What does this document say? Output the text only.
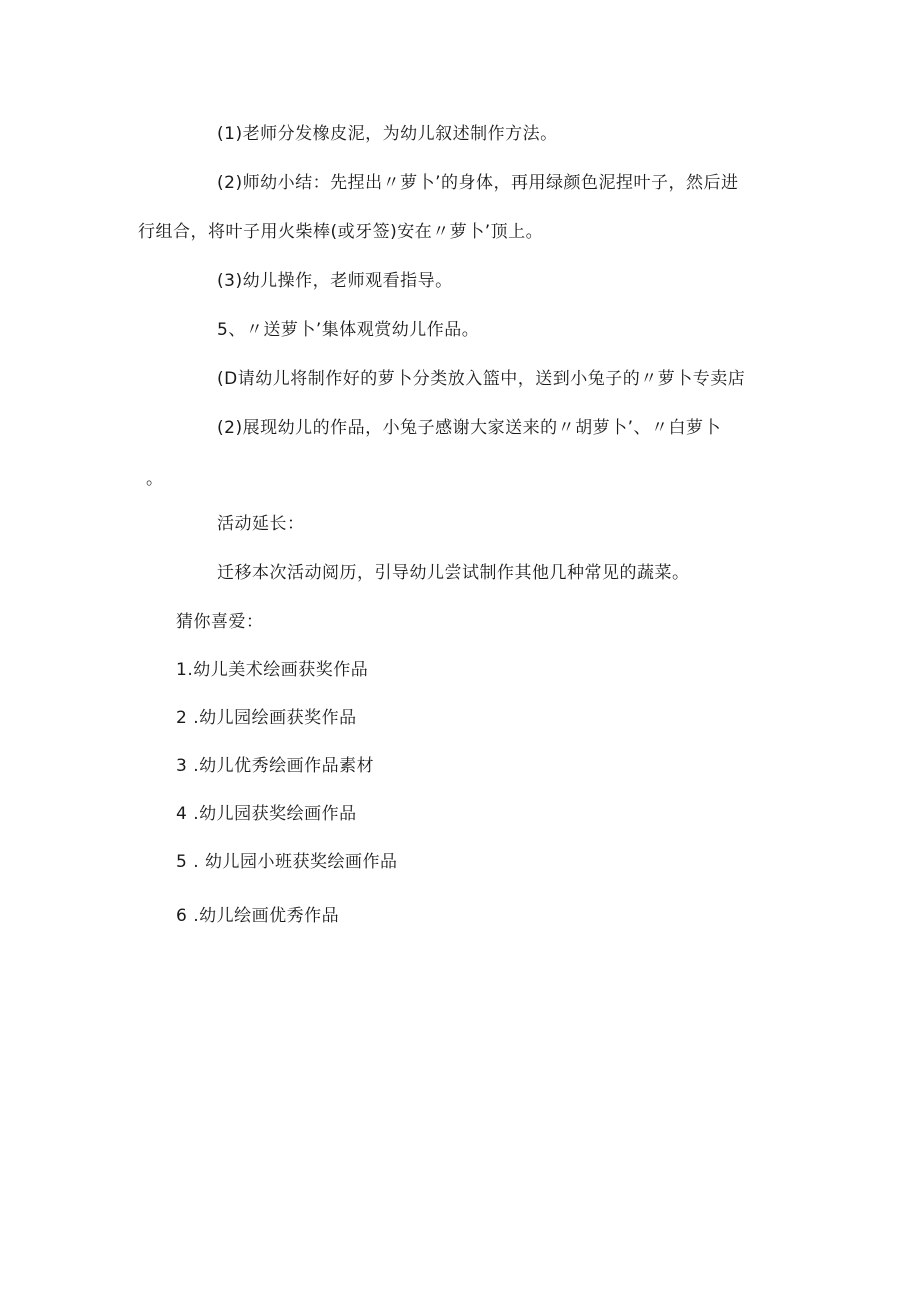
(1)老师分发橡皮泥，为幼儿叙述制作方法。
(2)师幼小结：先捏出〃萝卜’的身体，再用绿颜色泥捏叶子，然后进
行组合，将叶子用火柴棒(或牙签)安在〃萝卜’顶上。
(3)幼儿操作，老师观看指导。
5、〃送萝卜’集体观赏幼儿作品。
(D请幼儿将制作好的萝卜分类放入篮中，送到小兔子的〃萝卜专卖店
(2)展现幼儿的作品，小兔子感谢大家送来的〃胡萝卜’、〃白萝卜
。
活动延长：
迁移本次活动阅历，引导幼儿尝试制作其他几种常见的蔬菜。
猜你喜爱：
1.幼儿美术绘画获奖作品
2 .幼儿园绘画获奖作品
3 .幼儿优秀绘画作品素材
4 .幼儿园获奖绘画作品
5 . 幼儿园小班获奖绘画作品
6 .幼儿绘画优秀作品
